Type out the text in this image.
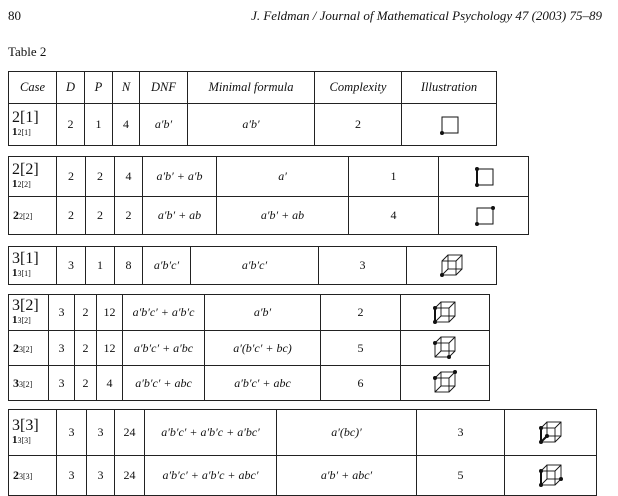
80	J. Feldman / Journal of Mathematical Psychology 47 (2003) 75–89
Table 2
Case	D	P	N	DNF	Minimal formula	Complexity	Illustration
2[1]
12[1]	2	1	4	a′b′	a′b′	2	
2[2]
12[2]	2	2	4	a′b′ + a′b	a′	1	

22[2]	2	2	2	a′b′ + ab	a′b′ + ab	4	
3[1]
13[1]
	3	1	8	a′b′c′	a′b′c′	3	
3[2]
13[2]	3	2	12	a′b′c′ + a′b′c	a′b′	2	

23[2]	3	2	12	a′b′c′ + a′bc	a′(b′c′ + bc)	5	

33[2]	3	2	4	a′b′c′ + abc	a′b′c′ + abc	6	
3[3]
13[3]	3	3	24	a′b′c′ + a′b′c + a′bc′	a′(bc)′	3	

23[3]	3	3	24	a′b′c′ + a′b′c + abc′	a′b′ + abc′	5	
